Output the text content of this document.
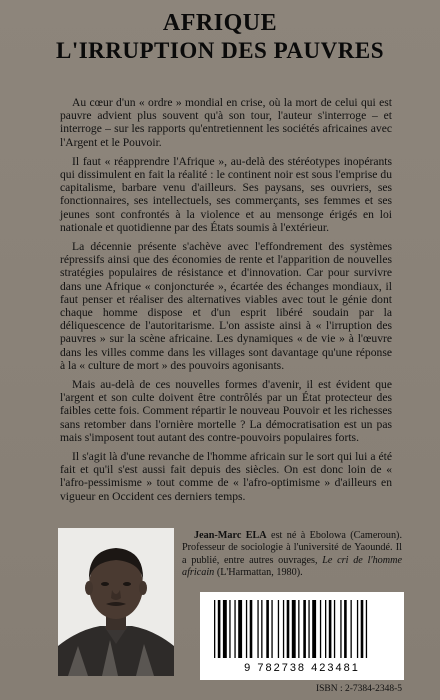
AFRIQUE
L'IRRUPTION DES PAUVRES

Au cœur d'un « ordre » mondial en crise, où la mort de celui qui est pauvre advient plus souvent qu'à son tour, l'auteur s'interroge – et interroge – sur les rapports qu'entretiennent les sociétés africaines avec l'Argent et le Pouvoir.

Il faut « réapprendre l'Afrique », au-delà des stéréotypes inopérants qui dissimulent en fait la réalité : le continent noir est sous l'emprise du capitalisme, barbare venu d'ailleurs. Ses paysans, ses ouvriers, ses fonctionnaires, ses intellectuels, ses commerçants, ses femmes et ses jeunes sont confrontés à la violence et au mensonge érigés en loi nationale et quotidienne par des États soumis à l'extérieur.

La décennie présente s'achève avec l'effondrement des systèmes répressifs ainsi que des économies de rente et l'apparition de nouvelles stratégies populaires de résistance et d'innovation. Car pour survivre dans une Afrique « conjoncturée », écartée des échanges mondiaux, il faut penser et réaliser des alternatives viables avec tout le génie dont chaque homme dispose et d'un esprit libéré soudain par la déliquescence de l'autoritarisme. L'on assiste ainsi à « l'irruption des pauvres » sur la scène africaine. Les dynamiques « de vie » à l'œuvre dans les villes comme dans les villages sont davantage qu'une réponse à la « culture de mort » des pouvoirs agonisants.

Mais au-delà de ces nouvelles formes d'avenir, il est évident que l'argent et son culte doivent être contrôlés par un État protecteur des faibles cette fois. Comment répartir le nouveau Pouvoir et les richesses sans retomber dans l'ornière mortelle ? La démocratisation est un pas mais s'imposent tout autant des contre-pouvoirs populaires forts.

Il s'agit là d'une revanche de l'homme africain sur le sort qui lui a été fait et qu'il s'est aussi fait depuis des siècles. On est donc loin de « l'afro-pessimisme » tout comme de « l'afro-optimisme » d'ailleurs en vigueur en Occident ces derniers temps.

Jean-Marc ELA est né à Ebolowa (Cameroun). Professeur de sociologie à l'université de Yaoundé. Il a publié, entre autres ouvrages, Le cri de l'homme africain (L'Harmattan, 1980).

9 782738 423481
ISBN : 2-7384-2348-5
